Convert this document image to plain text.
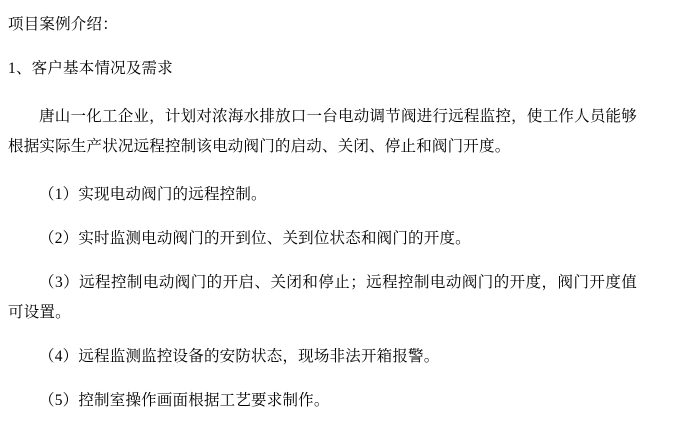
项目案例介绍：

1、客户基本情况及需求

唐山一化工企业，计划对浓海水排放口一台电动调节阀进行远程监控，使工作人员能够根据实际生产状况远程控制该电动阀门的启动、关闭、停止和阀门开度。

（1）实现电动阀门的远程控制。

（2）实时监测电动阀门的开到位、关到位状态和阀门的开度。

（3）远程控制电动阀门的开启、关闭和停止；远程控制电动阀门的开度，阀门开度值可设置。

（4）远程监测监控设备的安防状态，现场非法开箱报警。

（5）控制室操作画面根据工艺要求制作。
